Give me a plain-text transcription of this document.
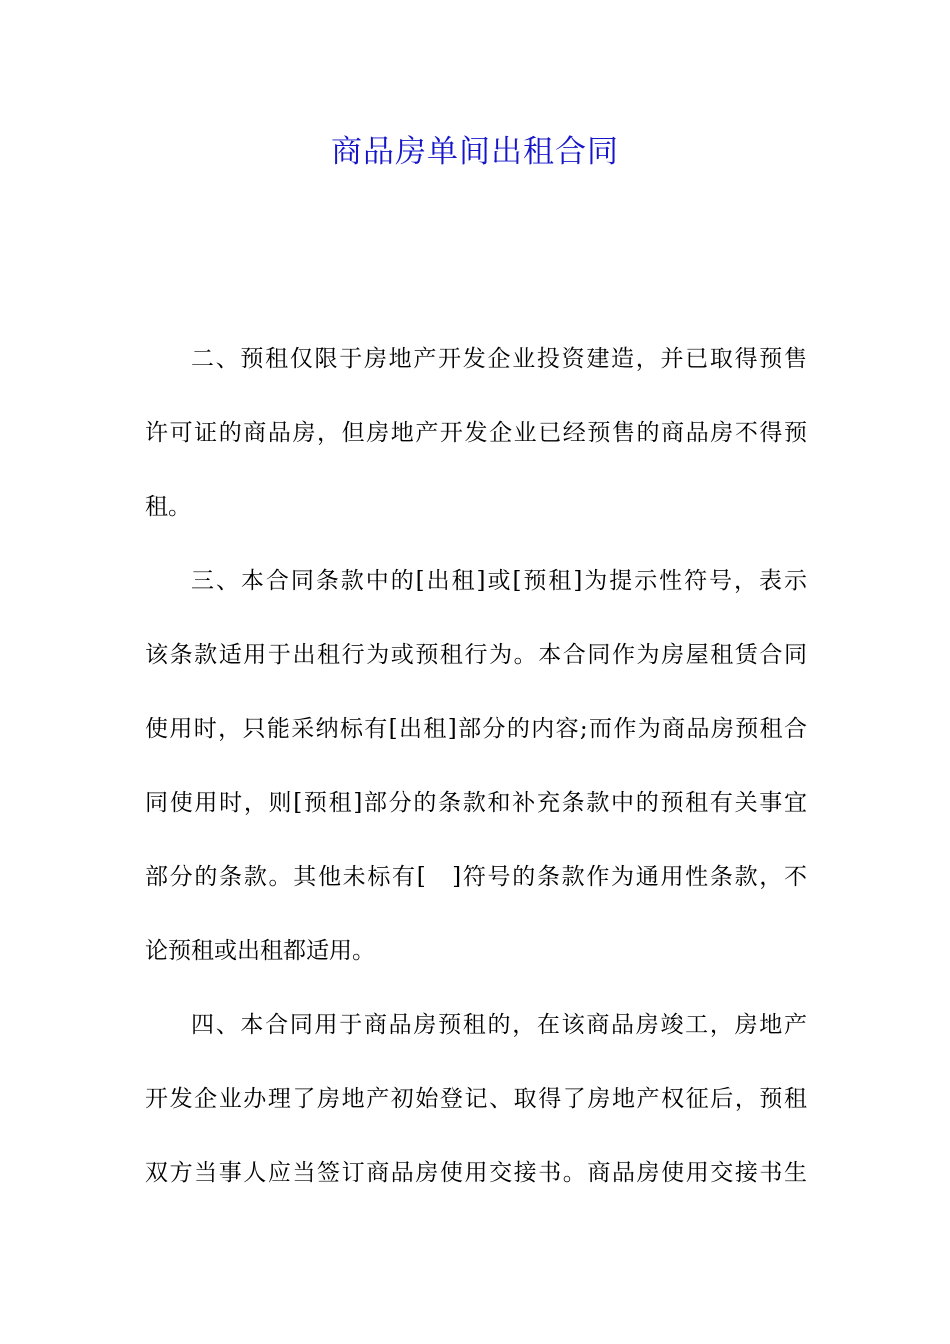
商品房单间出租合同
二、预租仅限于房地产开发企业投资建造，并已取得预售
许可证的商品房，但房地产开发企业已经预售的商品房不得预
租。
三、本合同条款中的[出租]或[预租]为提示性符号，表示
该条款适用于出租行为或预租行为。本合同作为房屋租赁合同
使用时，只能采纳标有[出租]部分的内容;而作为商品房预租合
同使用时，则[预租]部分的条款和补充条款中的预租有关事宜
部分的条款。其他未标有[　]符号的条款作为通用性条款，不
论预租或出租都适用。
四、本合同用于商品房预租的，在该商品房竣工，房地产
开发企业办理了房地产初始登记、取得了房地产权征后，预租
双方当事人应当签订商品房使用交接书。商品房使用交接书生
